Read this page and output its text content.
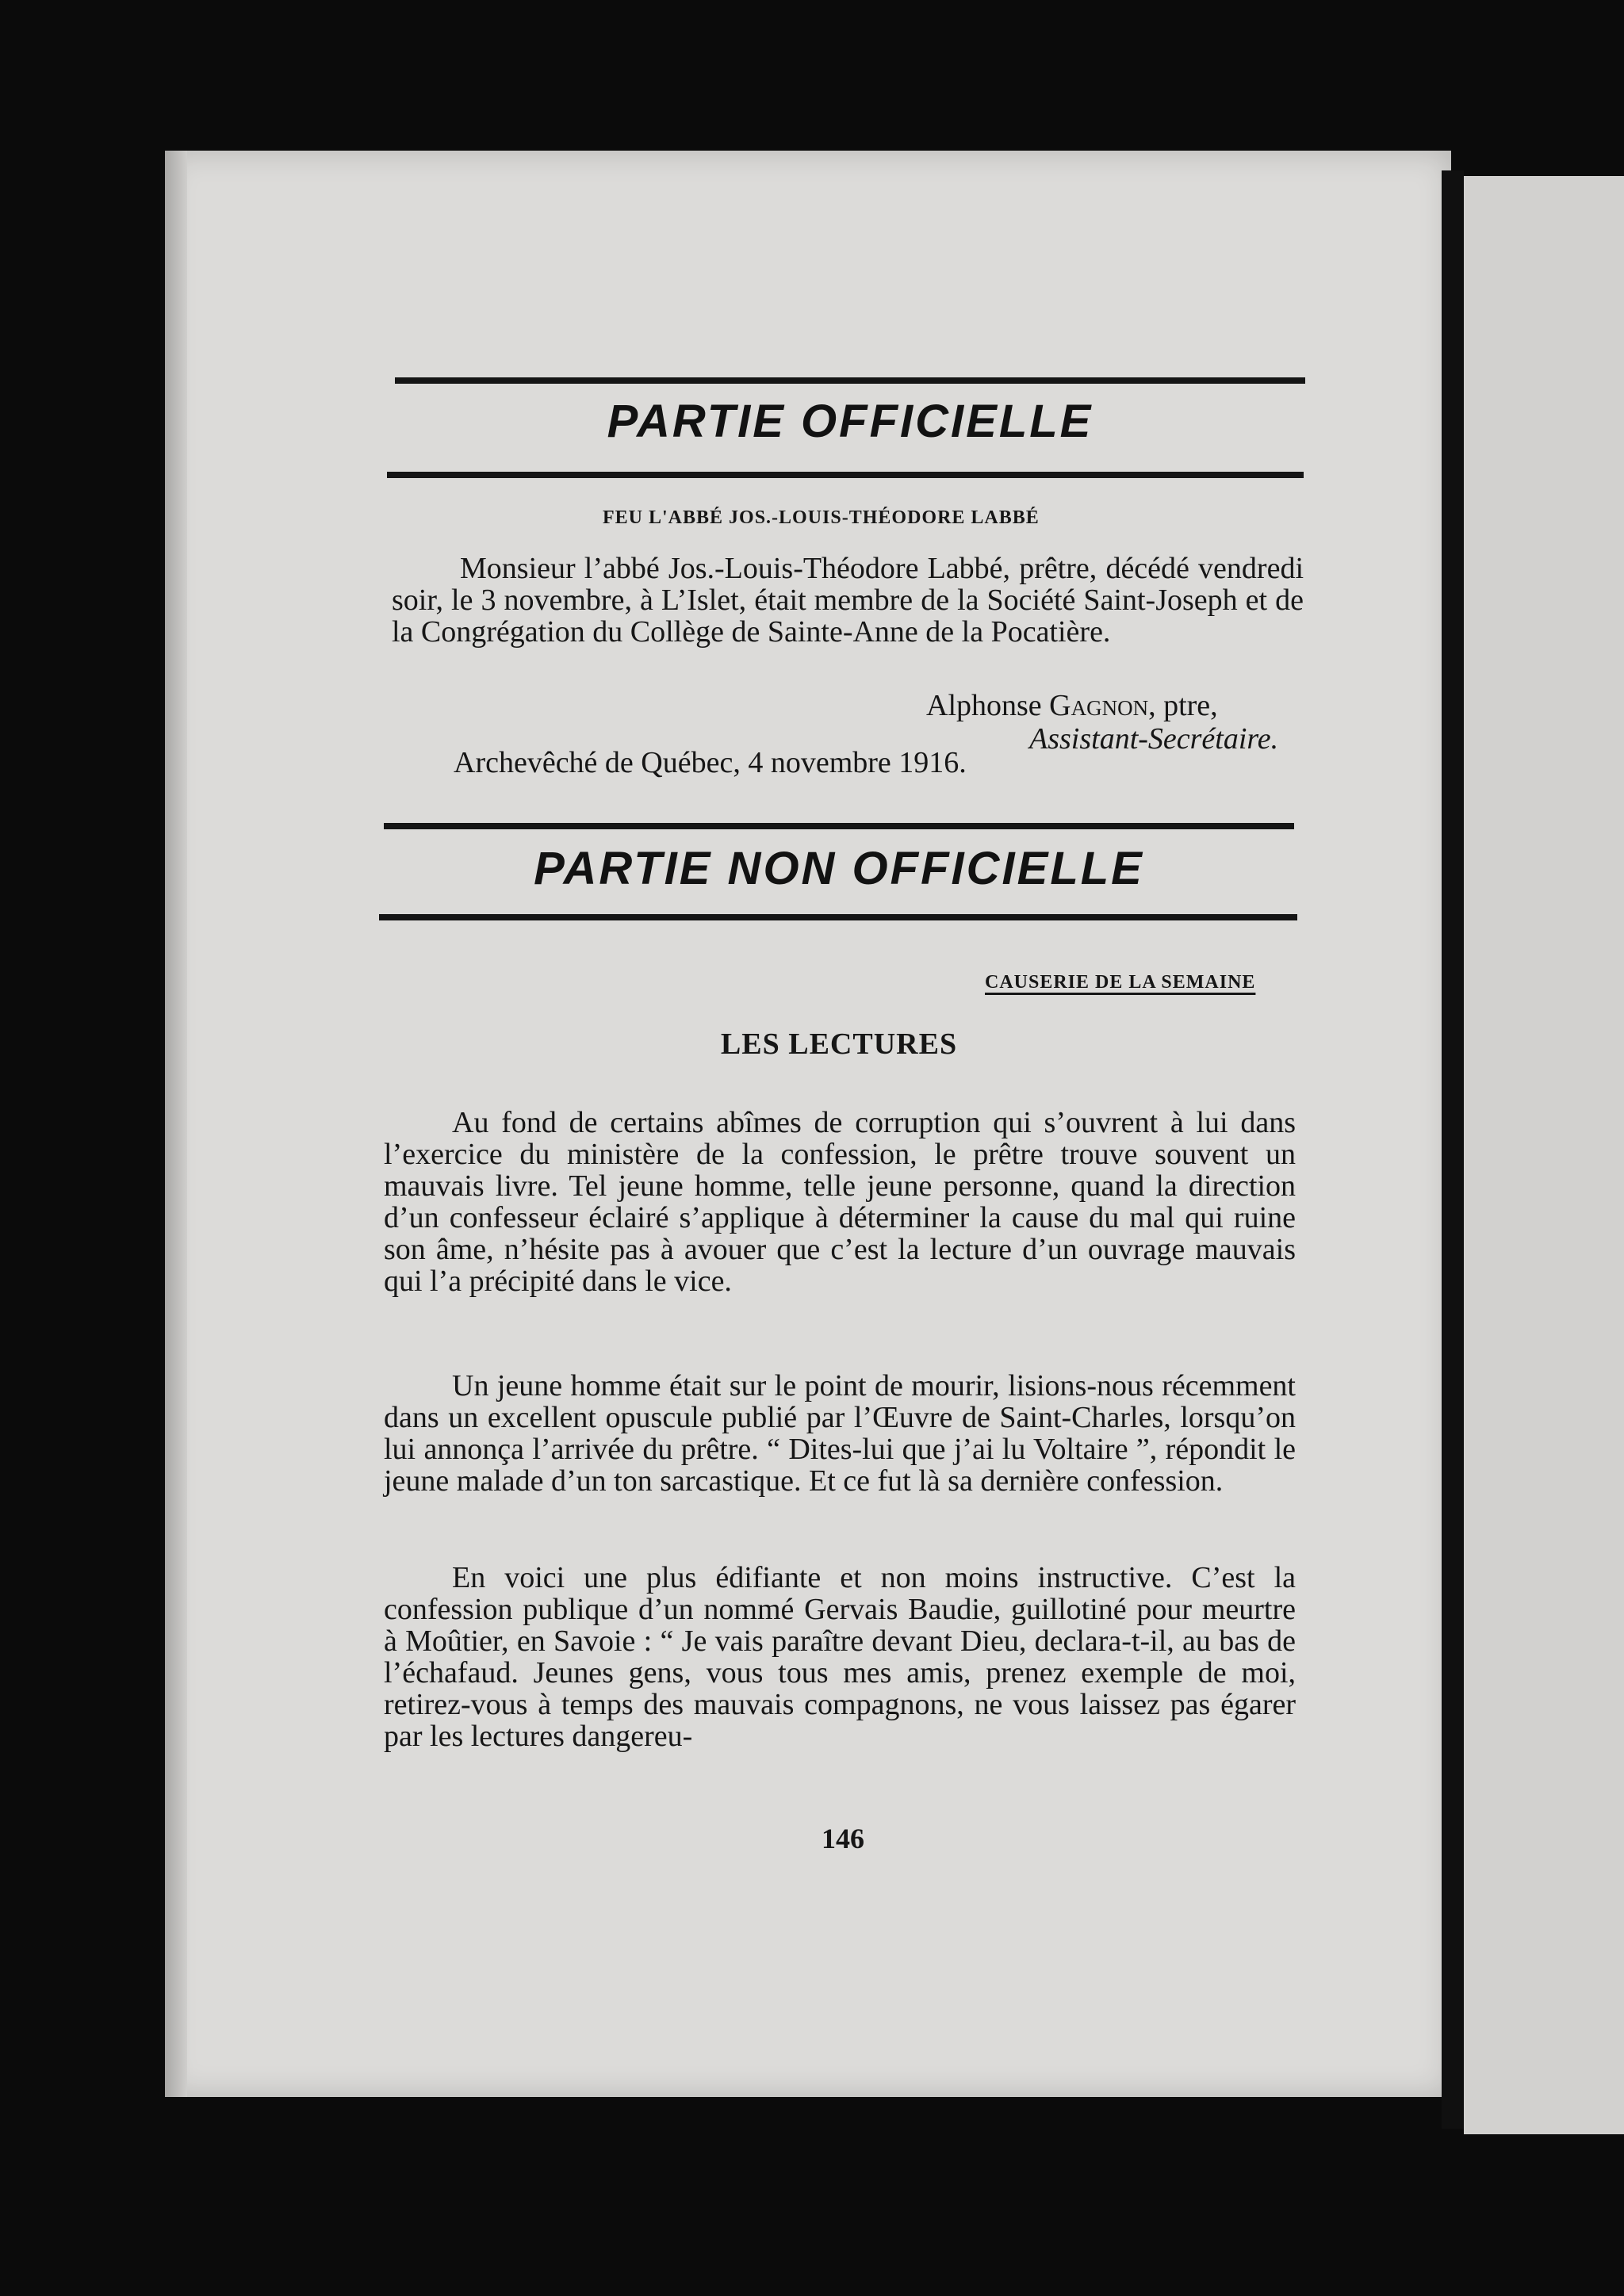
PARTIE OFFICIELLE
FEU L'ABBÉ JOS.-LOUIS-THÉODORE LABBÉ

Monsieur l’abbé Jos.-Louis-Théodore Labbé, prêtre, décédé vendredi soir, le 3 novembre, à L’Islet, était membre de la Société Saint-Joseph et de la Congrégation du Collège de Sainte-Anne de la Pocatière.

Alphonse Gagnon, ptre,

Assistant-Secrétaire.

Archevêché de Québec, 4 novembre 1916.

PARTIE NON OFFICIELLE

CAUSERIE DE LA SEMAINE

LES LECTURES

Au fond de certains abîmes de corruption qui s’ouvrent à lui dans l’exercice du ministère de la confession, le prêtre trouve souvent un mauvais livre. Tel jeune homme, telle jeune personne, quand la direction d’un confesseur éclairé s’applique à déterminer la cause du mal qui ruine son âme, n’hésite pas à avouer que c’est la lecture d’un ouvrage mauvais qui l’a précipité dans le vice.

Un jeune homme était sur le point de mourir, lisions-nous récemment dans un excellent opuscule publié par l’Œuvre de Saint-Charles, lorsqu’on lui annonça l’arrivée du prêtre. “ Dites-lui que j’ai lu Voltaire ”, répondit le jeune malade d’un ton sarcastique. Et ce fut là sa dernière confession.

En voici une plus édifiante et non moins instructive. C’est la confession publique d’un nommé Gervais Baudie, guillotiné pour meurtre à Moûtier, en Savoie : “ Je vais paraître devant Dieu, declara-t-il, au bas de l’échafaud. Jeunes gens, vous tous mes amis, prenez exemple de moi, retirez-vous à temps des mauvais compagnons, ne vous laissez pas égarer par les lectures dangereu-

146
